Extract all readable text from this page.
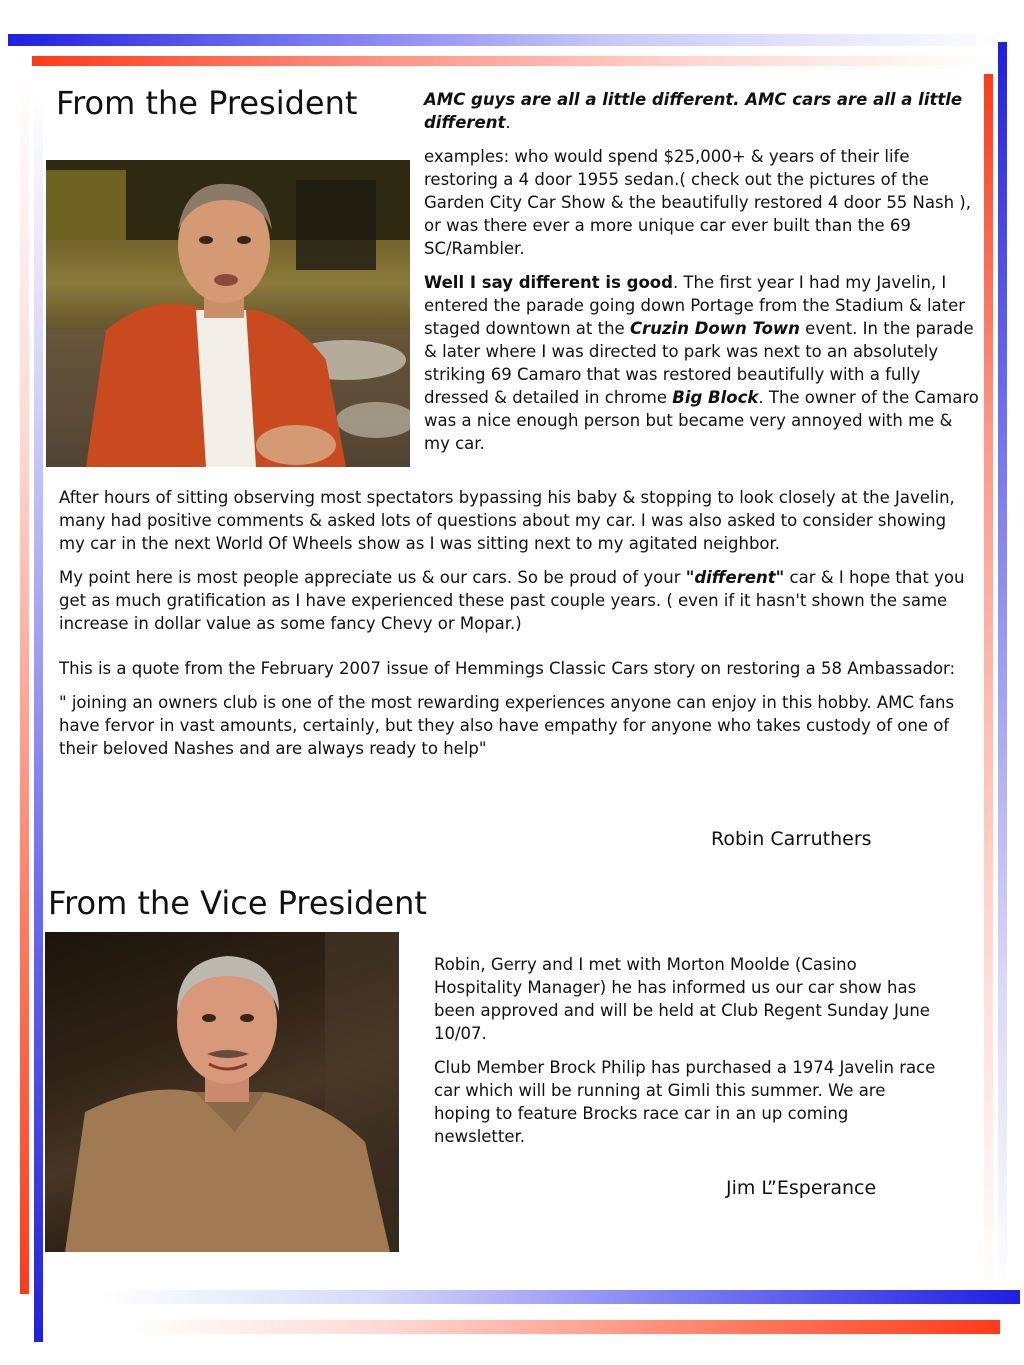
From the President	AMC guys are all a little different. AMC cars are all a little different.

examples: who would spend $25,000+ & years of their life restoring a 4 door 1955 sedan.( check out the pictures of the Garden City Car Show & the beautifully restored 4 door 55 Nash ), or was there ever a more unique car ever built than the 69 SC/Rambler.

Well I say different is good. The first year I had my Javelin, I entered the parade going down Portage from the Stadium & later staged downtown at the Cruzin Down Town event. In the parade & later where I was directed to park was next to an absolutely striking 69 Camaro that was restored beautifully with a fully dressed & detailed in chrome Big Block. The owner of the Camaro was a nice enough person but became very annoyed with me & my car.

After hours of sitting observing most spectators bypassing his baby & stopping to look closely at the Javelin, many had positive comments & asked lots of questions about my car. I was also asked to consider showing my car in the next World Of Wheels show as I was sitting next to my agitated neighbor.

My point here is most people appreciate us & our cars. So be proud of your "different" car & I hope that you get as much gratification as I have experienced these past couple years. ( even if it hasn't shown the same increase in dollar value as some fancy Chevy or Mopar.)

This is a quote from the February 2007 issue of Hemmings Classic Cars story on restoring a 58 Ambassador:

" joining an owners club is one of the most rewarding experiences anyone can enjoy in this hobby. AMC fans have fervor in vast amounts, certainly, but they also have empathy for anyone who takes custody of one of their beloved Nashes and are always ready to help"

Robin Carruthers
From the Vice President

Robin, Gerry and I met with Morton Moolde (Casino Hospitality Manager) he has informed us our car show has been approved and will be held at Club Regent Sunday June 10/07.

Club Member Brock Philip has purchased a 1974 Javelin race car which will be running at Gimli this summer. We are hoping to feature Brocks race car in an up coming newsletter.

Jim L”Esperance
